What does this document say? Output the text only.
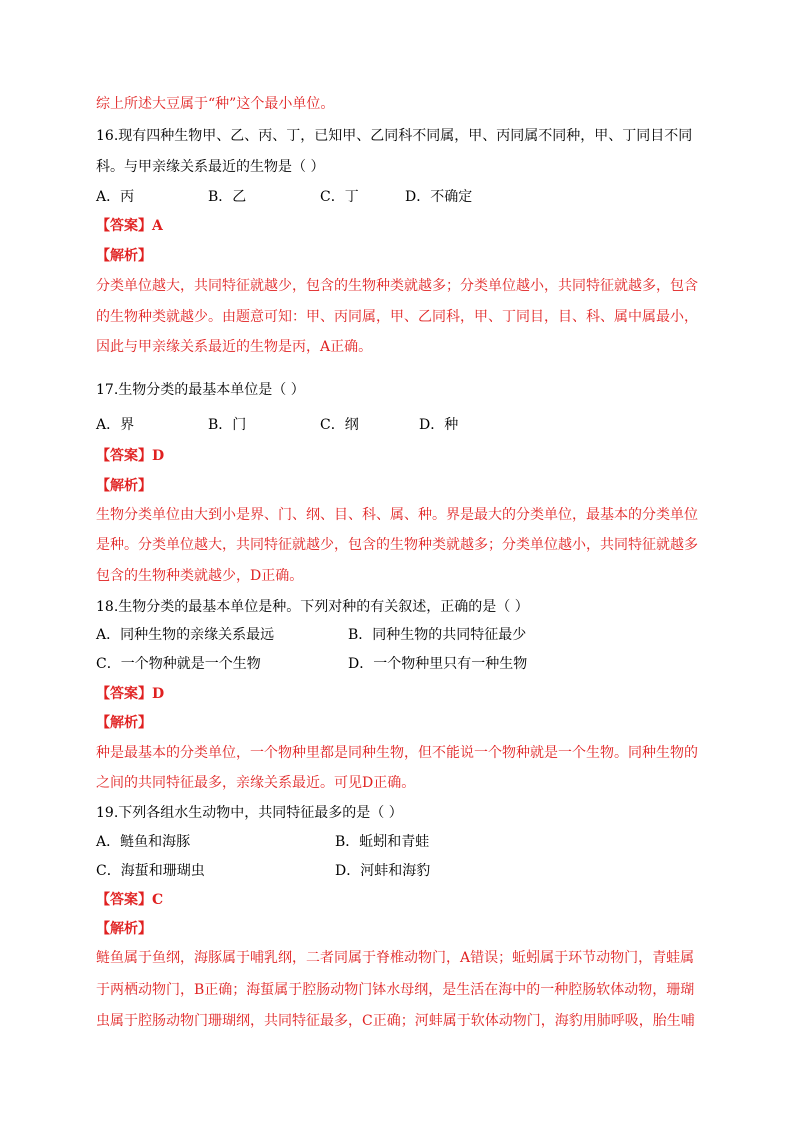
综上所述大豆属于“种”这个最小单位。
16.现有四种生物甲、乙、丙、丁，已知甲、乙同科不同属，甲、丙同属不同种，甲、丁同目不同
科。与甲亲缘关系最近的生物是（ ）
A．丙	B．乙	C．丁	D．不确定
【答案】A
【解析】
分类单位越大，共同特征就越少，包含的生物种类就越多；分类单位越小，共同特征就越多，包含
的生物种类就越少。由题意可知：甲、丙同属，甲、乙同科，甲、丁同目，目、科、属中属最小，
因此与甲亲缘关系最近的生物是丙，A正确。
17.生物分类的最基本单位是（ ）
A．界	B．门	C．纲	D．种
【答案】D
【解析】
生物分类单位由大到小是界、门、纲、目、科、属、种。界是最大的分类单位，最基本的分类单位
是种。分类单位越大，共同特征就越少，包含的生物种类就越多；分类单位越小，共同特征就越多
包含的生物种类就越少，D正确。
18.生物分类的最基本单位是种。下列对种的有关叙述，正确的是（ ）
A．同种生物的亲缘关系最远	B．同种生物的共同特征最少
C．一个物种就是一个生物	D．一个物种里只有一种生物
【答案】D
【解析】
种是最基本的分类单位，一个物种里都是同种生物，但不能说一个物种就是一个生物。同种生物的
之间的共同特征最多，亲缘关系最近。可见D正确。
19.下列各组水生动物中，共同特征最多的是（ ）
A．鲢鱼和海豚	B．蚯蚓和青蛙
C．海蜇和珊瑚虫	D．河蚌和海豹
【答案】C
【解析】
鲢鱼属于鱼纲，海豚属于哺乳纲，二者同属于脊椎动物门，A错误；蚯蚓属于环节动物门，青蛙属
于两栖动物门，B正确；海蜇属于腔肠动物门钵水母纲，是生活在海中的一种腔肠软体动物，珊瑚
虫属于腔肠动物门珊瑚纲，共同特征最多，C正确；河蚌属于软体动物门，海豹用肺呼吸，胎生哺
